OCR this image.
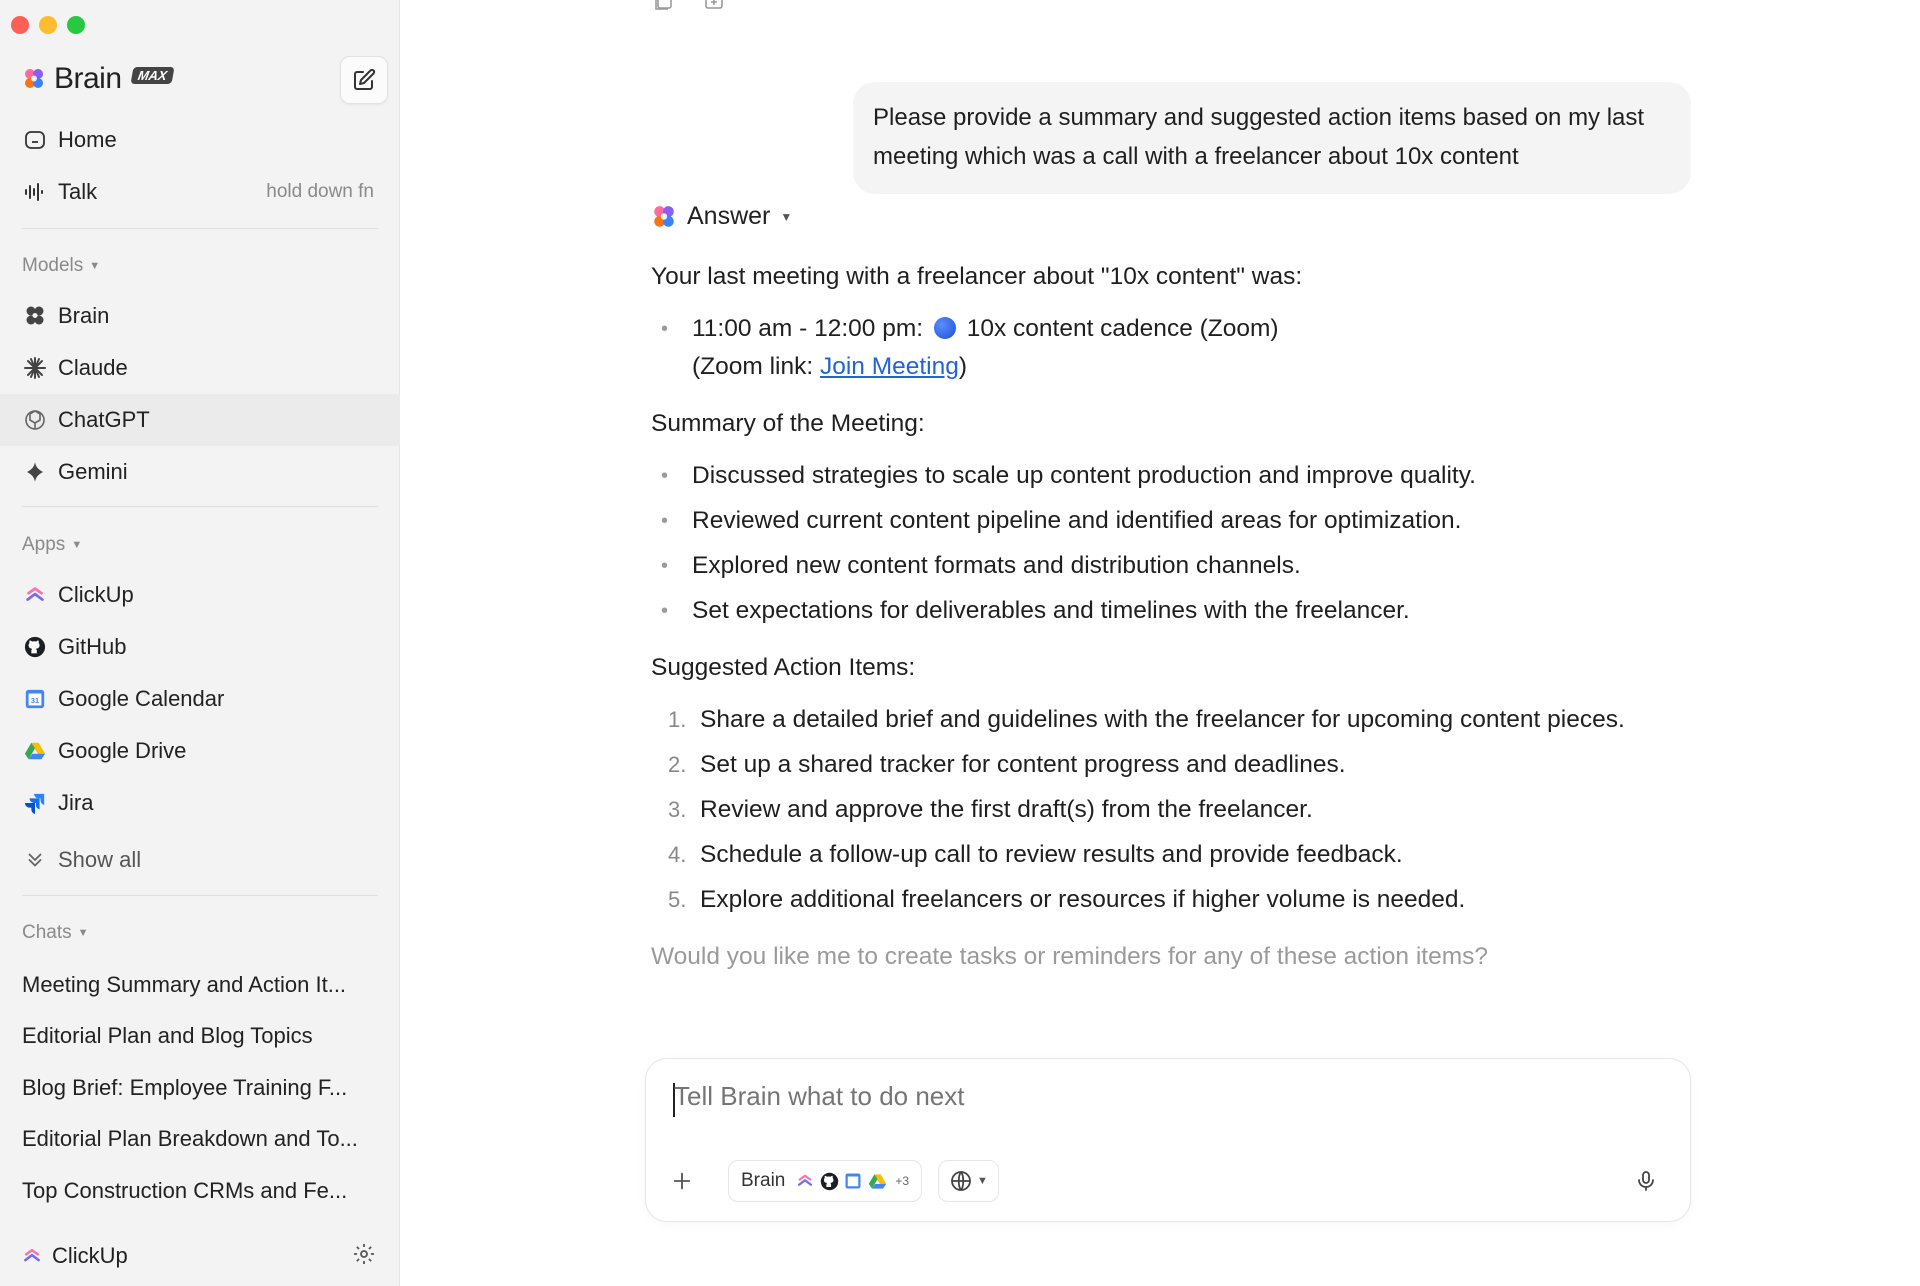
Brain	MAX
Home
Talk	hold down fn
Models ▼
Brain
Claude
ChatGPT
Gemini
Apps ▼
ClickUp
GitHub
31 Google Calendar
Google Drive
Jira
Show all
Chats ▼
Meeting Summary and Action It...
Editorial Plan and Blog Topics
Blog Brief: Employee Training F...
Editorial Plan Breakdown and To...
Top Construction CRMs and Fe...
ClickUp
Please provide a summary and suggested action items based on my last meeting which was a call with a freelancer about 10x content
Answer ▼

Your last meeting with a freelancer about "10x content" was:

• 11:00 am - 12:00 pm: 10x content cadence (Zoom)
(Zoom link: Join Meeting)

Summary of the Meeting:

• Discussed strategies to scale up content production and improve quality.
• Reviewed current content pipeline and identified areas for optimization.
• Explored new content formats and distribution channels.
• Set expectations for deliverables and timelines with the freelancer.

Suggested Action Items:

1. Share a detailed brief and guidelines with the freelancer for upcoming content pieces.
2. Set up a shared tracker for content progress and deadlines.
3. Review and approve the first draft(s) from the freelancer.
4. Schedule a follow-up call to review results and provide feedback.
5. Explore additional freelancers or resources if higher volume is needed.

Would you like me to create tasks or reminders for any of these action items?

Tell Brain what to do next
Brain	+3	▼
